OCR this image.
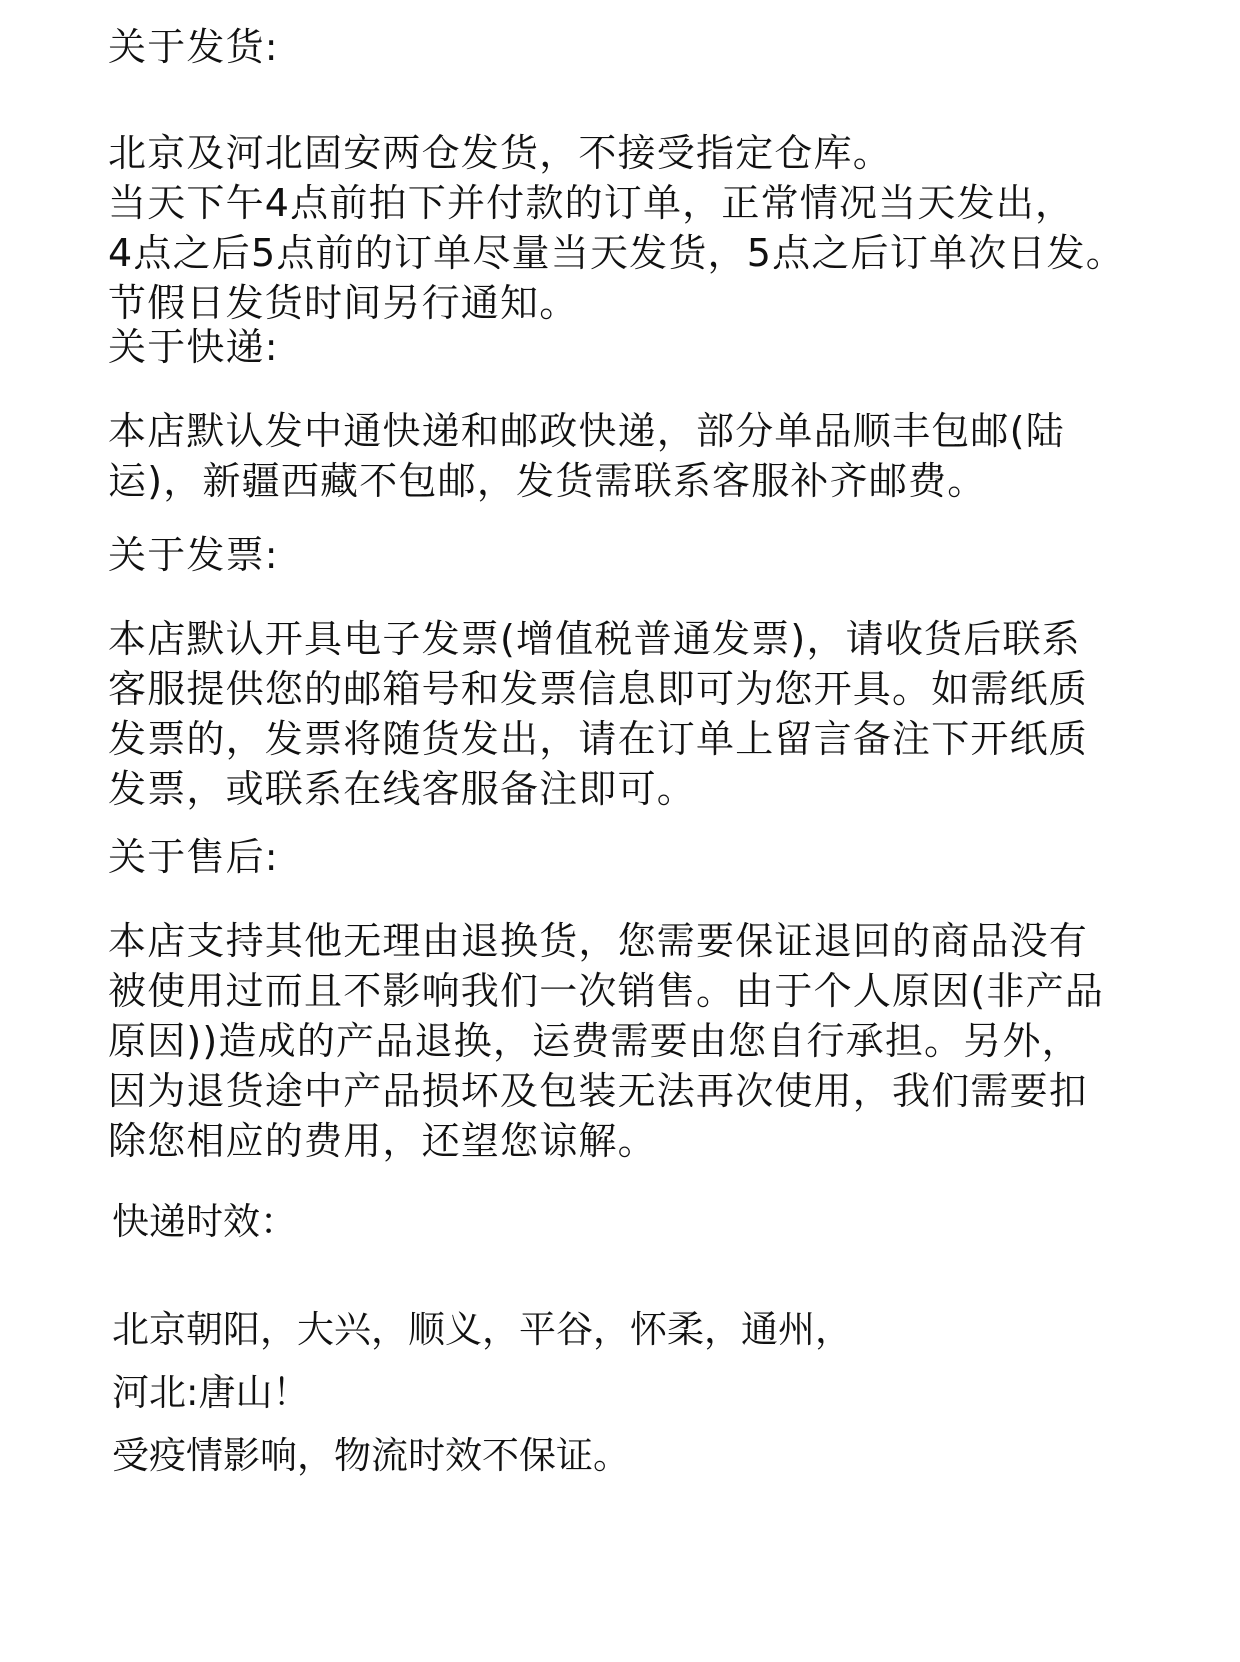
关于发货:

北京及河北固安两仓发货，不接受指定仓库。

当天下午4点前拍下并付款的订单，正常情况当天发出，

4点之后5点前的订单尽量当天发货，5点之后订单次日发。

节假日发货时间另行通知。

关于快递:

本店默认发中通快递和邮政快递，部分单品顺丰包邮(陆

运)，新疆西藏不包邮，发货需联系客服补齐邮费。

关于发票:

本店默认开具电子发票(增值税普通发票)，请收货后联系

客服提供您的邮箱号和发票信息即可为您开具。如需纸质

发票的，发票将随货发出，请在订单上留言备注下开纸质

发票，或联系在线客服备注即可。

关于售后:

本店支持其他无理由退换货，您需要保证退回的商品没有

被使用过而且不影响我们一次销售。由于个人原因(非产品

原因))造成的产品退换，运费需要由您自行承担。另外，

因为退货途中产品损坏及包装无法再次使用，我们需要扣

除您相应的费用，还望您谅解。

快递时效：

北京朝阳，大兴，顺义，平谷，怀柔，通州，

河北:唐山！

受疫情影响，物流时效不保证。
